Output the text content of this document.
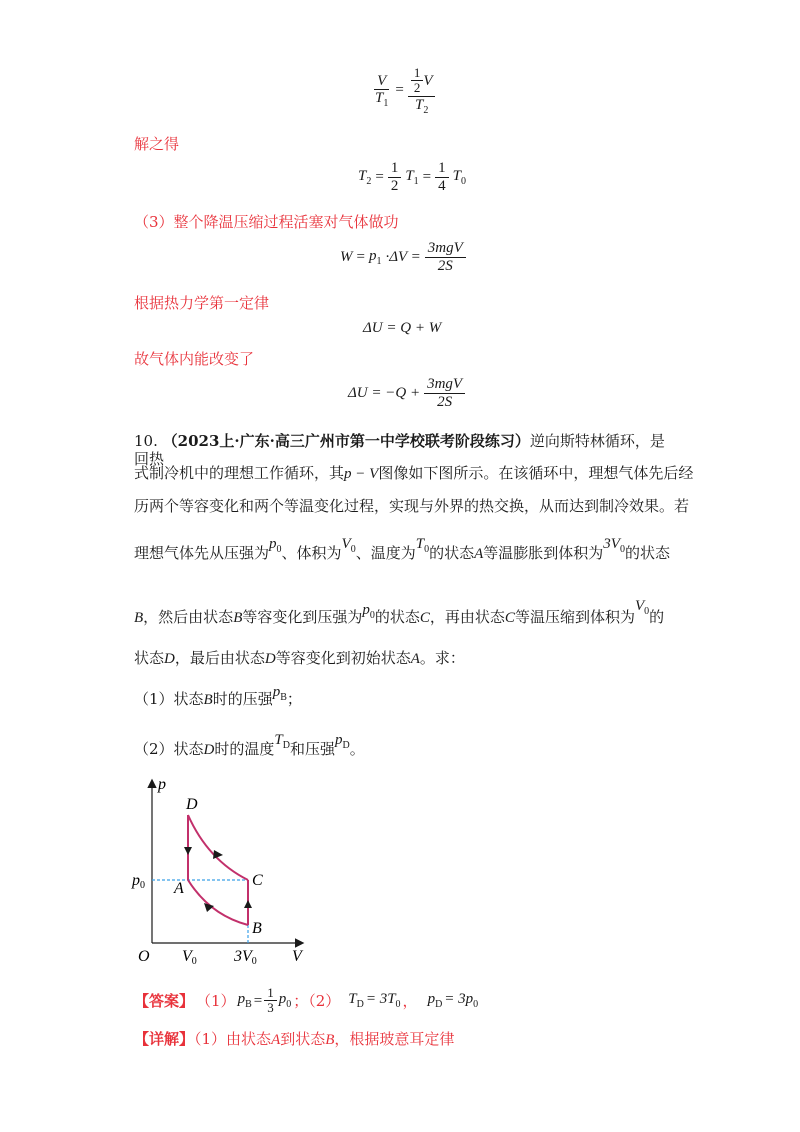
$\frac{V}{T_1} = \frac{\frac{1}{2} V}{T_2}$
解之得
$T_2 = \frac{1}{2} T_1 = \frac{1}{4} T_0$
（3）整个降温压缩过程活塞对气体做功
$W = p_1 \cdot\Delta V = \frac{\text{3mgV}}{2S}$
根据热力学第一定律
ΔU = Q + W
故气体内能改变了
$\Delta U = -Q + \frac{\text{3mgV}}{2S}$
10. （2023上·广东·高三广州市第一中学校联考阶段练习）逆向斯特林循环，是回热
式制冷机中的理想工作循环，其p − V图像如下图所示。在该循环中，理想气体先后经
历两个等容变化和两个等温变化过程，实现与外界的热交换，从而达到制冷效果。若
理想气体先从压强为$p_0$、体积为$V_0$、温度为$T_0$的状态A等温膨胀到体积为$3V_0$的状态
B，然后由状态B等容变化到压强为$p_0$的状态C，再由状态C等温压缩到体积为$V_0$的
状态D，最后由状态D等容变化到初始状态A。求：
（1）状态B时的压强$p_B$；
（2）状态D时的温度$T_D$和压强$p_D$。
p
V
O
D
A	C
B
p0
V0 3V0
【答案】 （1） $p_B = \frac{1}{3} p_0$ ；（2） $T_D = 3T_0$ ， $p_D = 3p_0$
【详解】（1）由状态A到状态B，根据玻意耳定律
